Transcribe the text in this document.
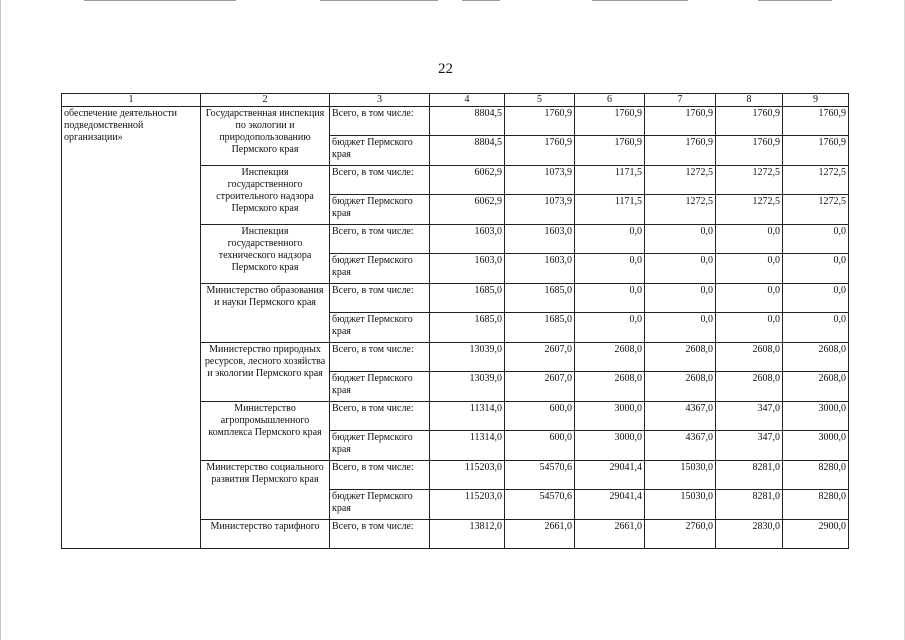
22
1	2	3	4	5	6	7	8	9
обеспечение деятельности подведомственной организации»	Государственная инспекция по экологии и природопользованию Пермского края	Всего, в том числе:	8804,5	1760,9	1760,9	1760,9	1760,9	1760,9
		бюджет Пермского края	8804,5	1760,9	1760,9	1760,9	1760,9	1760,9

	Инспекция государственного строительного надзора Пермского края	Всего, в том числе:	6062,9	1073,9	1171,5	1272,5	1272,5	1272,5
		бюджет Пермского края	6062,9	1073,9	1171,5	1272,5	1272,5	1272,5

	Инспекция государственного технического надзора Пермского края	Всего, в том числе:	1603,0	1603,0	0,0	0,0	0,0	0,0
		бюджет Пермского края	1603,0	1603,0	0,0	0,0	0,0	0,0

	Министерство образования и науки Пермского края	Всего, в том числе:	1685,0	1685,0	0,0	0,0	0,0	0,0
		бюджет Пермского края	1685,0	1685,0	0,0	0,0	0,0	0,0

	Министерство природных ресурсов, лесного хозяйства и экологии Пермского края	Всего, в том числе:	13039,0	2607,0	2608,0	2608,0	2608,0	2608,0
		бюджет Пермского края	13039,0	2607,0	2608,0	2608,0	2608,0	2608,0

	Министерство агропромышленного комплекса Пермского края	Всего, в том числе:	11314,0	600,0	3000,0	4367,0	347,0	3000,0
		бюджет Пермского края	11314,0	600,0	3000,0	4367,0	347,0	3000,0

	Министерство социального развития Пермского края	Всего, в том числе:	115203,0	54570,6	29041,4	15030,0	8281,0	8280,0
		бюджет Пермского края	115203,0	54570,6	29041,4	15030,0	8281,0	8280,0

	Министерство тарифного	Всего, в том числе:	13812,0	2661,0	2661,0	2760,0	2830,0	2900,0
